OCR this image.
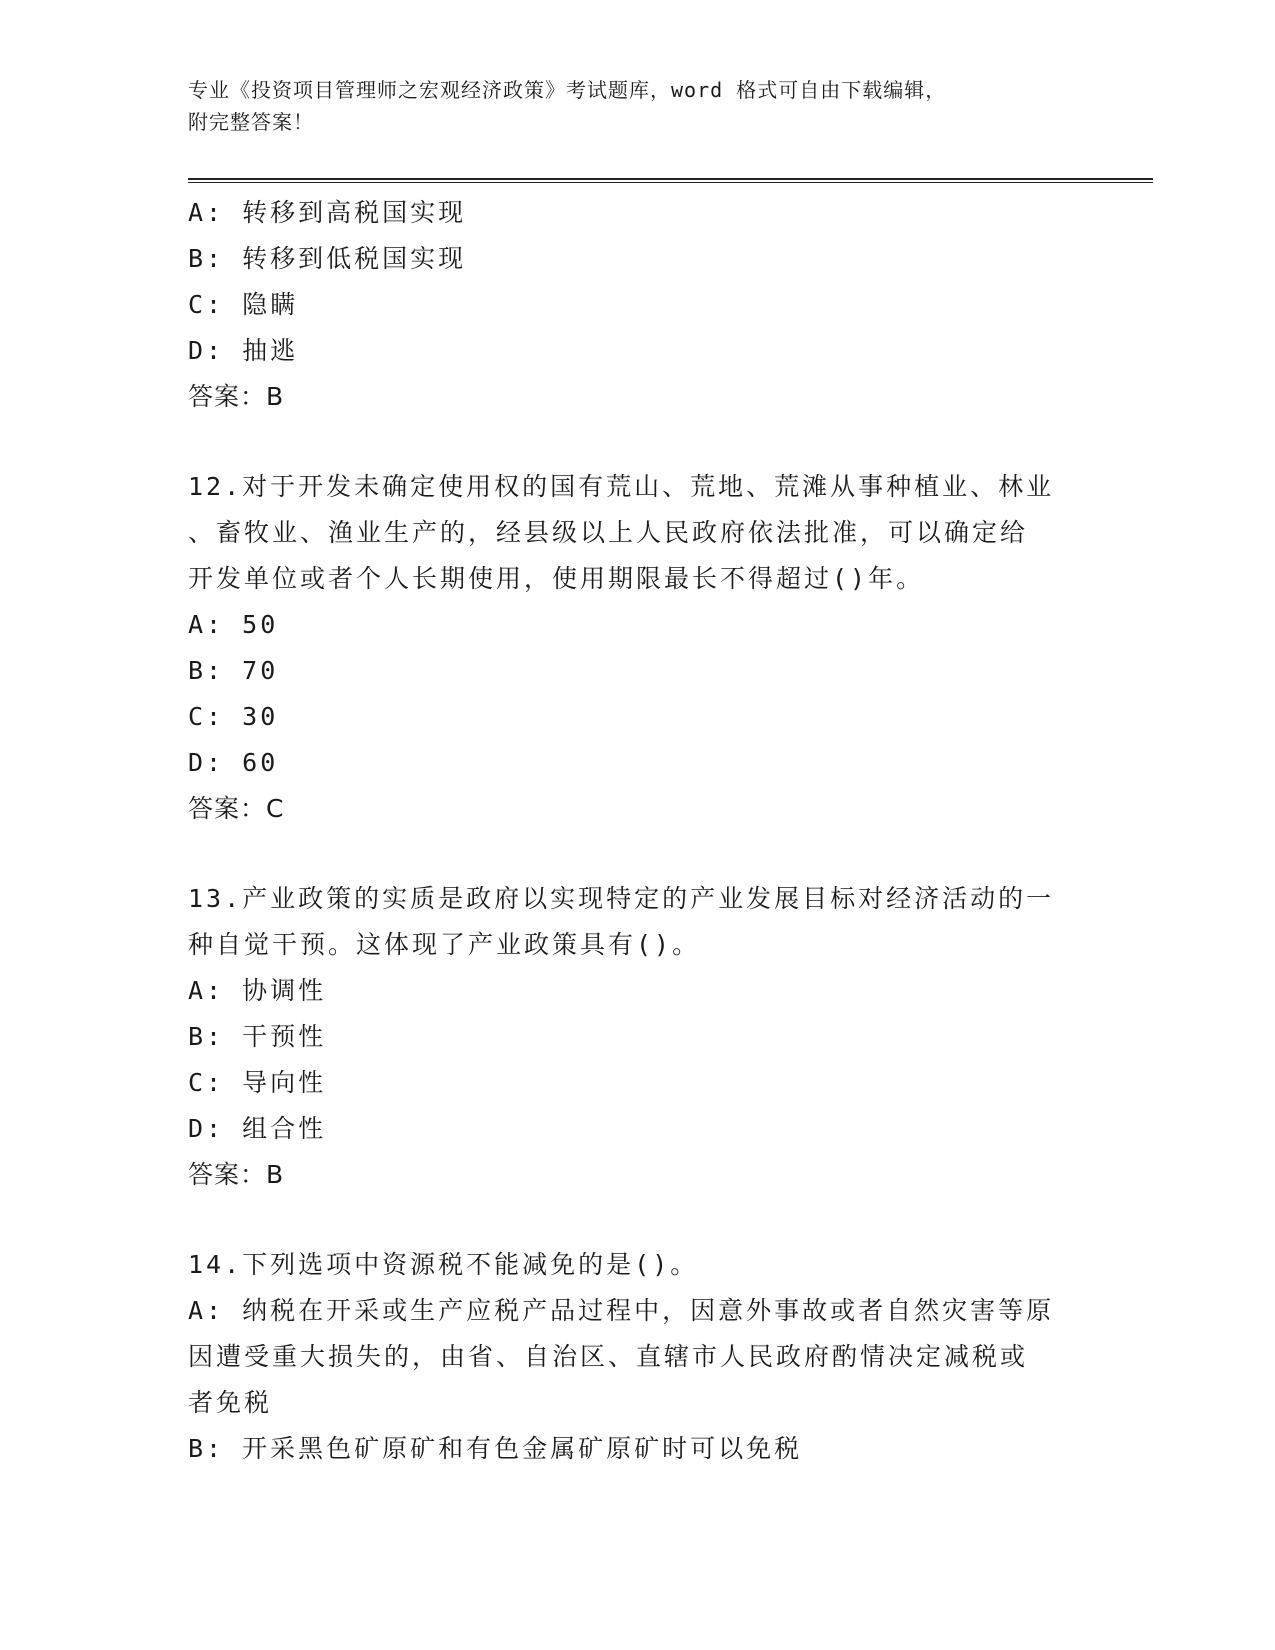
专业《投资项目管理师之宏观经济政策》考试题库，word 格式可自由下载编辑，
附完整答案！
A: 转移到高税国实现
B: 转移到低税国实现
C: 隐瞒
D: 抽逃
答案：B
12.对于开发未确定使用权的国有荒山、荒地、荒滩从事种植业、林业
、畜牧业、渔业生产的，经县级以上人民政府依法批准，可以确定给
开发单位或者个人长期使用，使用期限最长不得超过()年。
A: 50
B: 70
C: 30
D: 60
答案：C
13.产业政策的实质是政府以实现特定的产业发展目标对经济活动的一
种自觉干预。这体现了产业政策具有()。
A: 协调性
B: 干预性
C: 导向性
D: 组合性
答案：B
14.下列选项中资源税不能减免的是()。
A: 纳税在开采或生产应税产品过程中，因意外事故或者自然灾害等原
因遭受重大损失的，由省、自治区、直辖市人民政府酌情决定减税或
者免税
B: 开采黑色矿原矿和有色金属矿原矿时可以免税
